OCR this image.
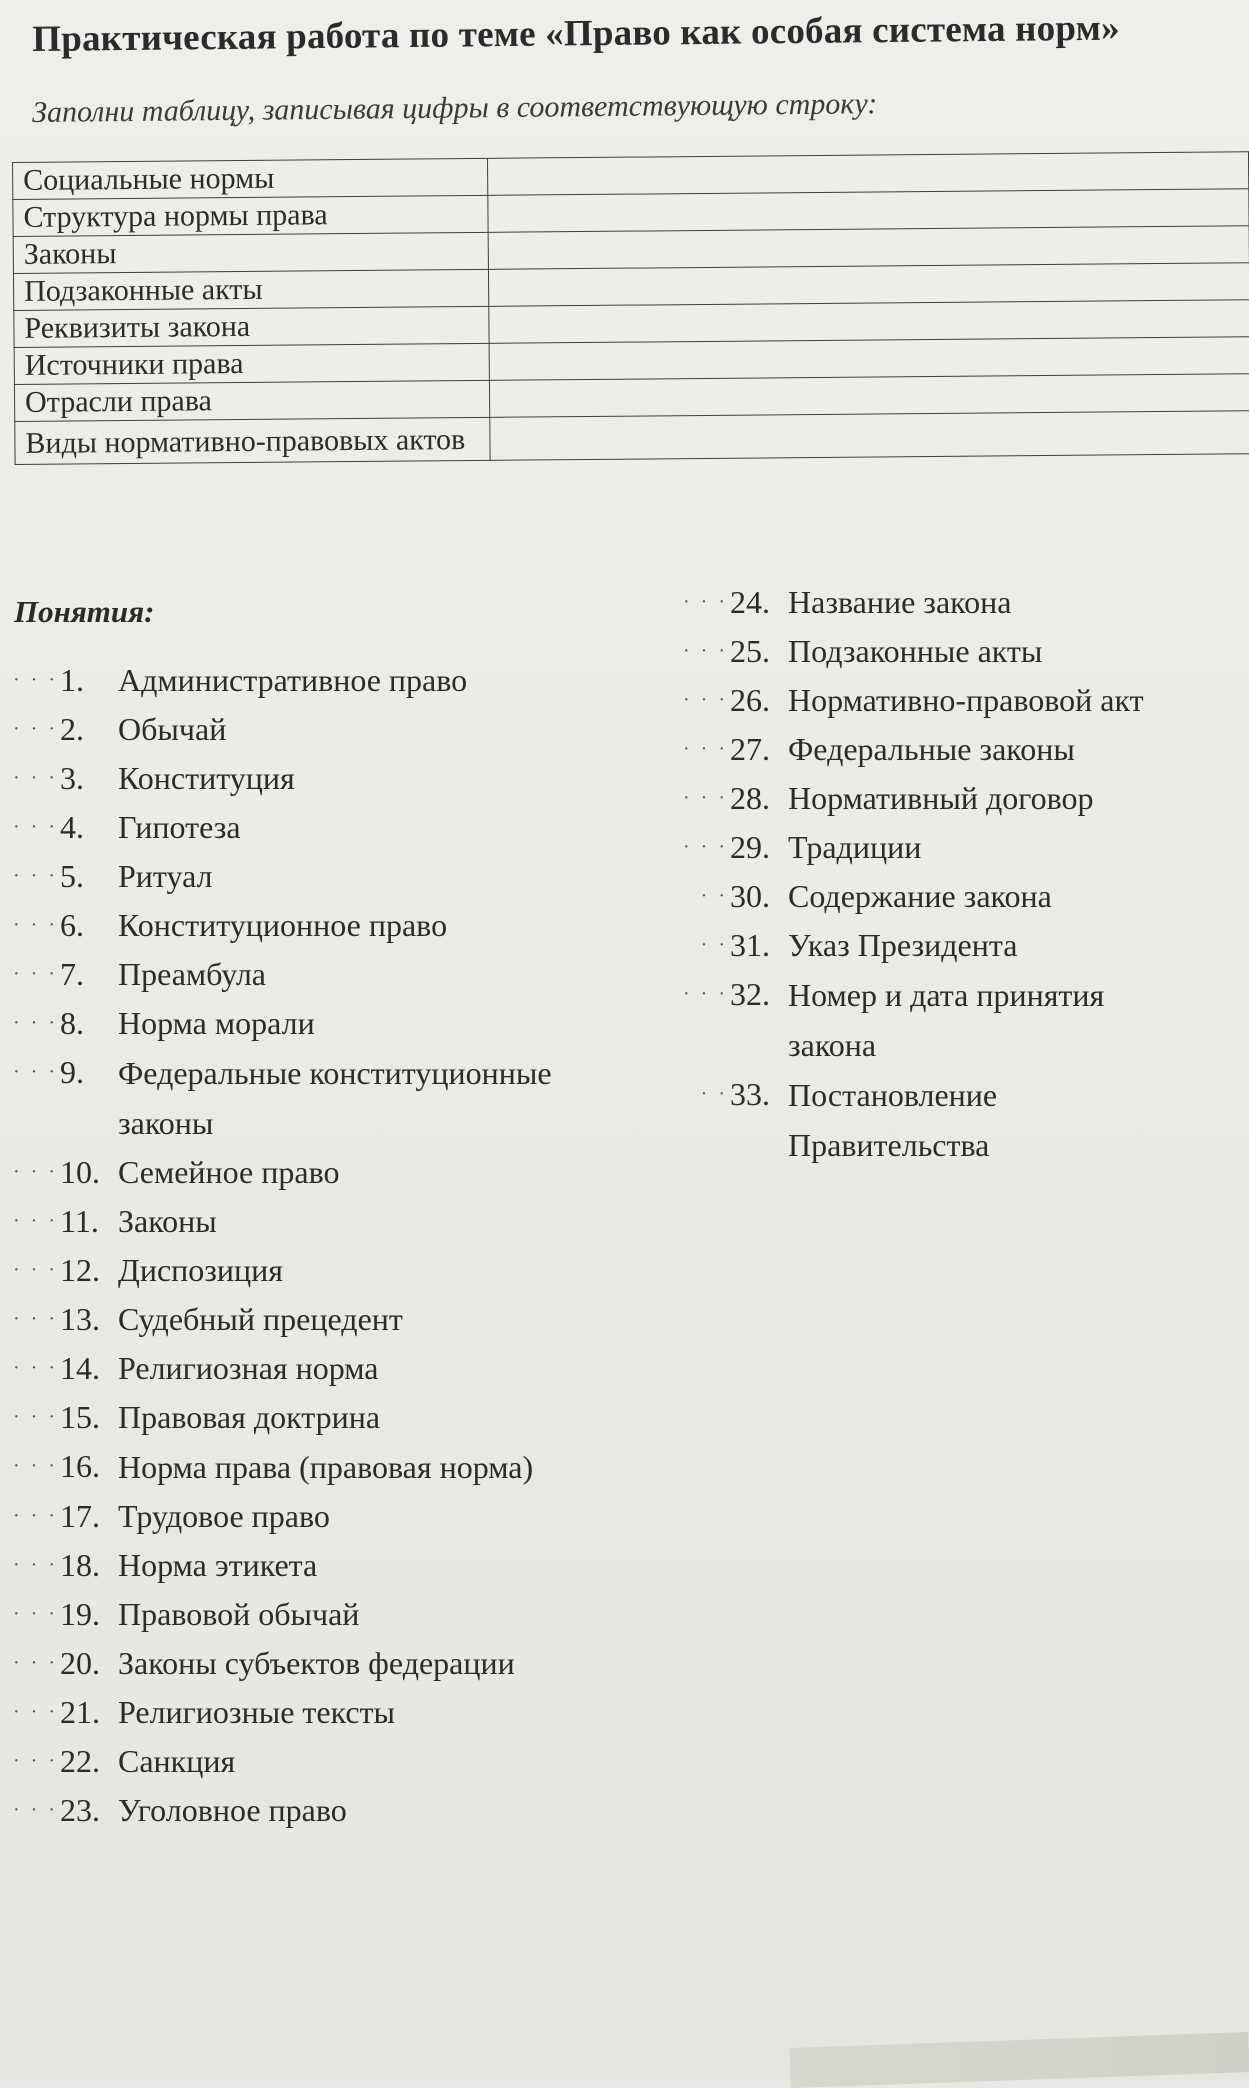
Практическая работа по теме «Право как особая система норм»
Заполни таблицу, записывая цифры в соответствующую строку:
Социальные нормы	
Структура нормы права	
Законы	
Подзаконные акты	
Реквизиты закона	
Источники права	
Отрасли права	
Виды нормативно-правовых актов	
Понятия:
· · · 1.	Административное право
· · · 2.	Обычай
· · · 3.	Конституция
· · · 4.	Гипотеза
· · · 5.	Ритуал
· · · 6.	Конституционное право
· · · 7.	Преамбула
· · · 8.	Норма морали
· · · 9.	Федеральные конституционные законы
· · · 10. Семейное право
· · · 11. Законы
· · · 12. Диспозиция
· · · 13. Судебный прецедент
· · · 14. Религиозная норма
· · · 15. Правовая доктрина
· · · 16. Норма права (правовая норма)
· · · 17. Трудовое право
· · · 18. Норма этикета
· · · 19. Правовой обычай
· · · 20. Законы субъектов федерации
· · · 21. Религиозные тексты
· · · 22. Санкция
· · · 23. Уголовное право
· · · 24. Название закона
· · · 25. Подзаконные акты
· · · 26. Нормативно-правовой акт
· · · 27. Федеральные законы
· · · 28. Нормативный договор
· · · 29. Традиции
· · 30. Содержание закона
· · 31. Указ Президента
· · · 32. Номер и дата принятия закона
· · 33. Постановление Правительства
